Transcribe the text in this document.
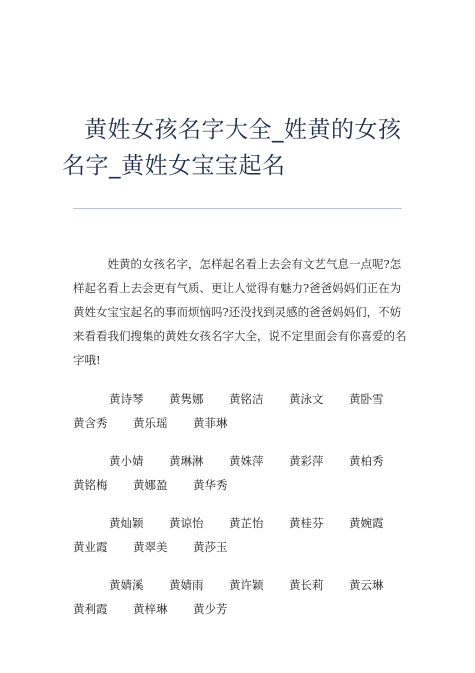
黄姓女孩名字大全_姓黄的女孩
名字_黄姓女宝宝起名

姓黄的女孩名字，怎样起名看上去会有文艺气息一点呢?怎样起名看上去会更有气质、更让人觉得有魅力?爸爸妈妈们正在为黄姓女宝宝起名的事而烦恼吗?还没找到灵感的爸爸妈妈们，不妨来看看我们搜集的黄姓女孩名字大全，说不定里面会有你喜爱的名字哦!

黄诗琴 黄隽娜 黄铭洁 黄泳文 黄卧雪
黄含秀 黄乐瑶 黄菲琳
黄小婧 黄琳淋 黄姝萍 黄彩萍 黄柏秀
黄铭梅 黄娜盈 黄华秀
黄灿颖 黄谅怡 黄芷怡 黄桂芬 黄婉霞
黄业霞 黄翠美 黄莎玉
黄婧溪 黄婧雨 黄许颖 黄长莉 黄云琳
黄利霞 黄梓琳 黄少芳
